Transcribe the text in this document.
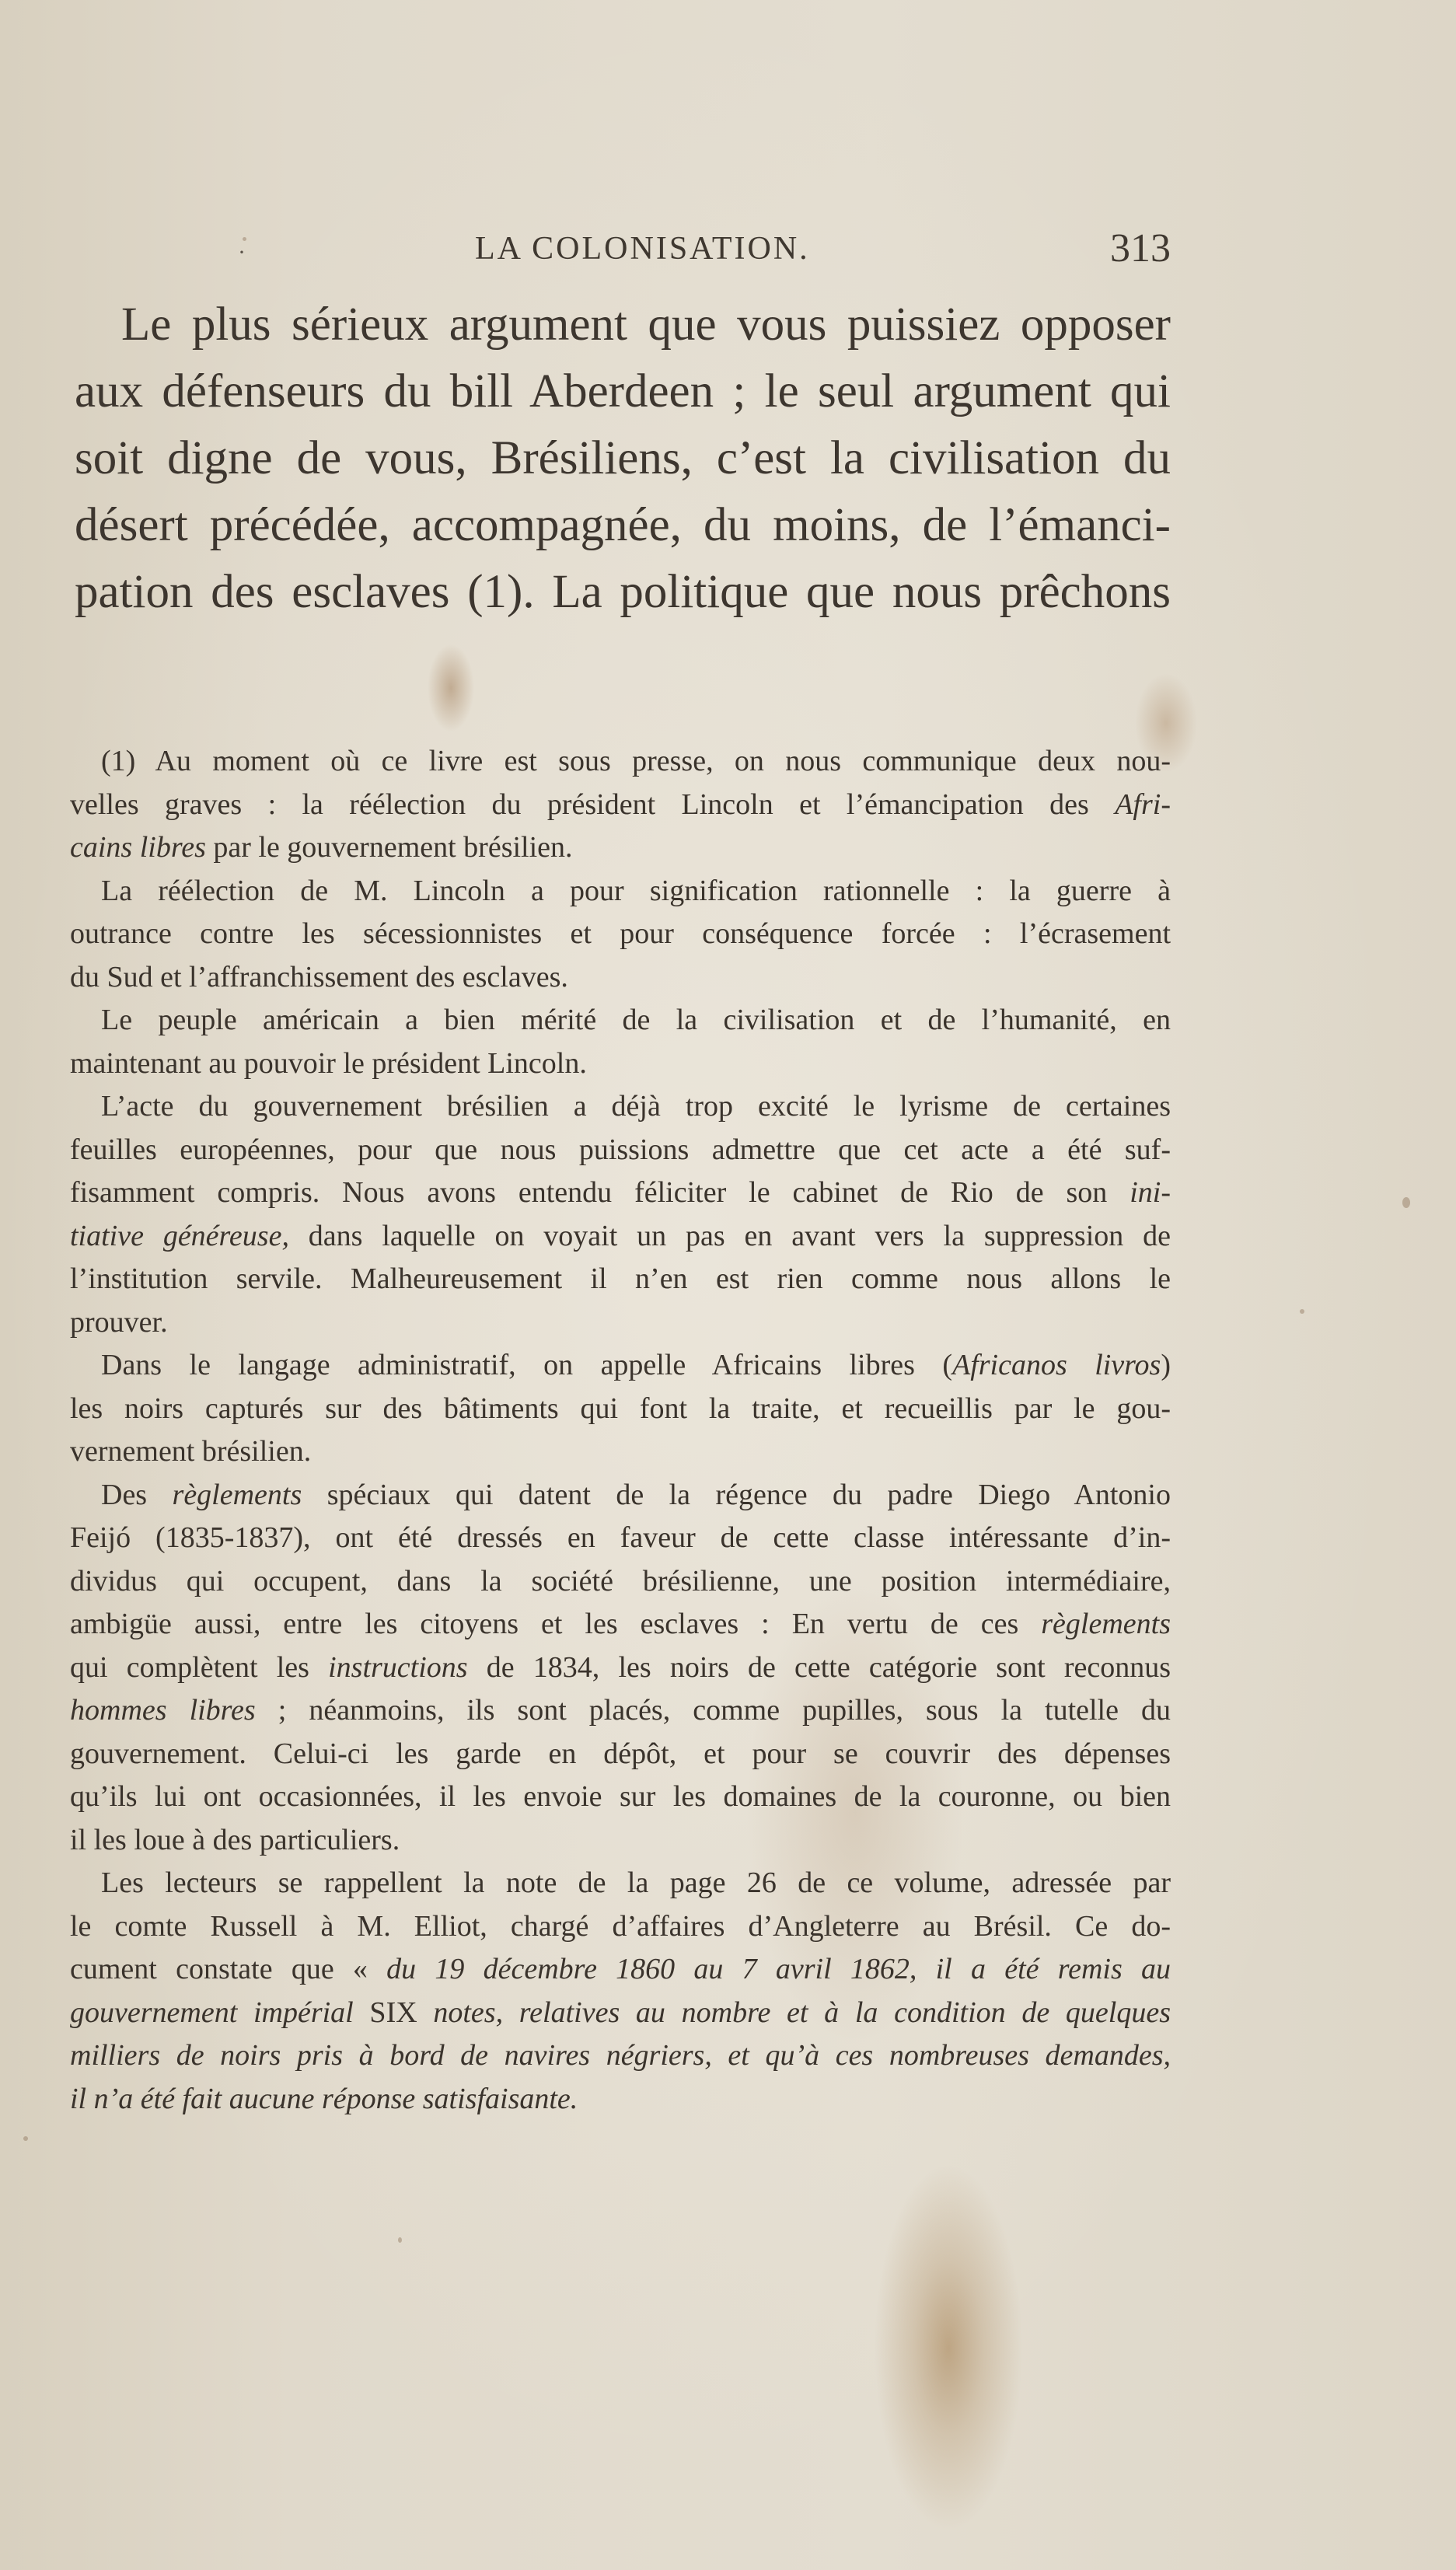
·	LA COLONISATION.	313
Le plus sérieux argument que vous puissiez opposer
aux défenseurs du bill Aberdeen ; le seul argument qui
soit digne de vous, Brésiliens, c’est la civilisation du
désert précédée, accompagnée, du moins, de l’émanci-
pation des esclaves (1). La politique que nous prêchons
(1) Au moment où ce livre est sous presse, on nous communique deux nou-
velles graves : la réélection du président Lincoln et l’émancipation des Afri-
cains libres par le gouvernement brésilien.
La réélection de M. Lincoln a pour signification rationnelle : la guerre à
outrance contre les sécessionnistes et pour conséquence forcée : l’écrasement
du Sud et l’affranchissement des esclaves.
Le peuple américain a bien mérité de la civilisation et de l’humanité, en
maintenant au pouvoir le président Lincoln.
L’acte du gouvernement brésilien a déjà trop excité le lyrisme de certaines
feuilles européennes, pour que nous puissions admettre que cet acte a été suf-
fisamment compris. Nous avons entendu féliciter le cabinet de Rio de son ini-
tiative généreuse, dans laquelle on voyait un pas en avant vers la suppression de
l’institution servile. Malheureusement il n’en est rien comme nous allons le
prouver.
Dans le langage administratif, on appelle Africains libres (Africanos livros)
les noirs capturés sur des bâtiments qui font la traite, et recueillis par le gou-
vernement brésilien.
Des règlements spéciaux qui datent de la régence du padre Diego Antonio
Feijó (1835-1837), ont été dressés en faveur de cette classe intéressante d’in-
dividus qui occupent, dans la société brésilienne, une position intermédiaire,
ambigüe aussi, entre les citoyens et les esclaves : En vertu de ces règlements
qui complètent les instructions de 1834, les noirs de cette catégorie sont reconnus
hommes libres ; néanmoins, ils sont placés, comme pupilles, sous la tutelle du
gouvernement. Celui-ci les garde en dépôt, et pour se couvrir des dépenses
qu’ils lui ont occasionnées, il les envoie sur les domaines de la couronne, ou bien
il les loue à des particuliers.
Les lecteurs se rappellent la note de la page 26 de ce volume, adressée par
le comte Russell à M. Elliot, chargé d’affaires d’Angleterre au Brésil. Ce do-
cument constate que « du 19 décembre 1860 au 7 avril 1862, il a été remis au
gouvernement impérial SIX notes, relatives au nombre et à la condition de quelques
milliers de noirs pris à bord de navires négriers, et qu’à ces nombreuses demandes,
il n’a été fait aucune réponse satisfaisante.
